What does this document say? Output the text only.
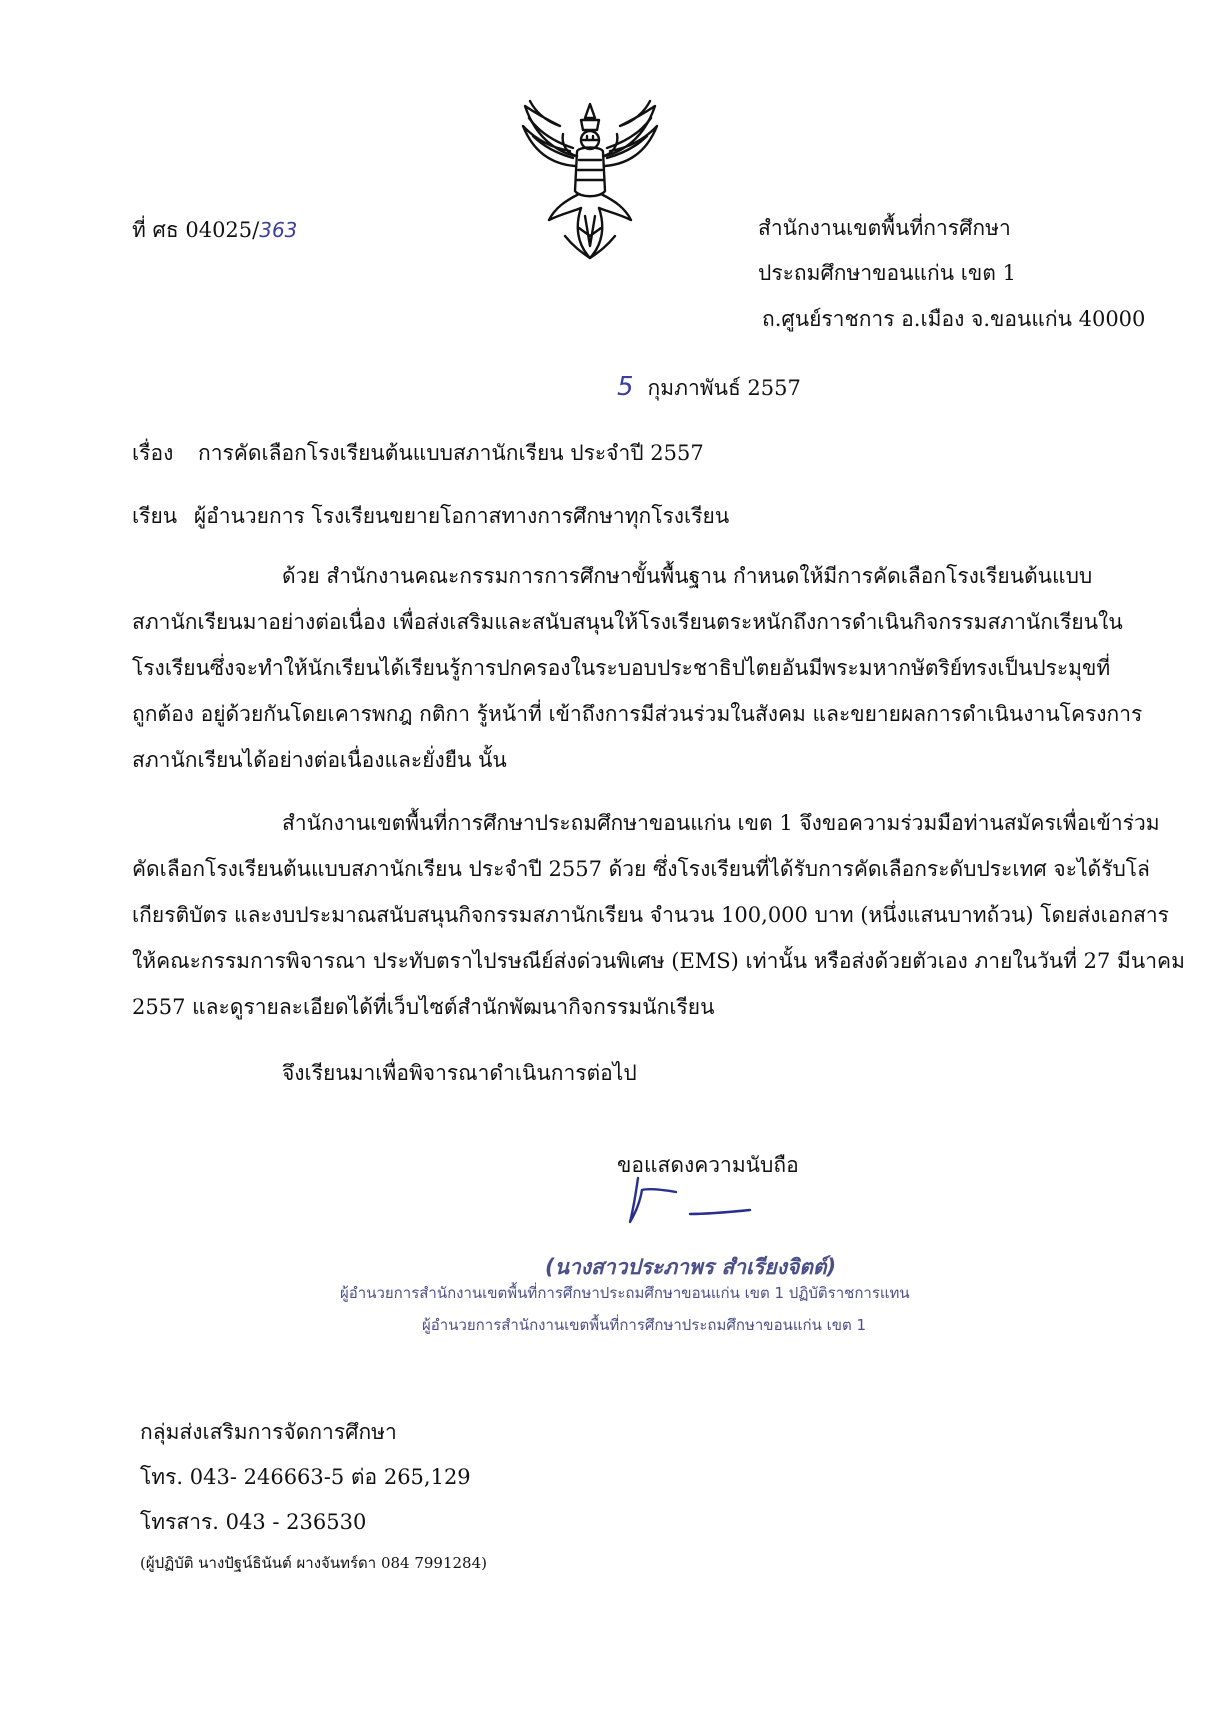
ที่ ศธ 04025/363	สำนักงานเขตพื้นที่การศึกษา
ประถมศึกษาขอนแก่น เขต 1
ถ.ศูนย์ราชการ อ.เมือง จ.ขอนแก่น 40000
5 กุมภาพันธ์ 2557
เรื่อง การคัดเลือกโรงเรียนต้นแบบสภานักเรียน ประจำปี 2557
เรียน ผู้อำนวยการ โรงเรียนขยายโอกาสทางการศึกษาทุกโรงเรียน
ด้วย สำนักงานคณะกรรมการการศึกษาขั้นพื้นฐาน กำหนดให้มีการคัดเลือกโรงเรียนต้นแบบ
สภานักเรียนมาอย่างต่อเนื่อง เพื่อส่งเสริมและสนับสนุนให้โรงเรียนตระหนักถึงการดำเนินกิจกรรมสภานักเรียนใน
โรงเรียนซึ่งจะทำให้นักเรียนได้เรียนรู้การปกครองในระบอบประชาธิปไตยอันมีพระมหากษัตริย์ทรงเป็นประมุขที่
ถูกต้อง อยู่ด้วยกันโดยเคารพกฎ กติกา รู้หน้าที่ เข้าถึงการมีส่วนร่วมในสังคม และขยายผลการดำเนินงานโครงการ
สภานักเรียนได้อย่างต่อเนื่องและยั่งยืน นั้น
สำนักงานเขตพื้นที่การศึกษาประถมศึกษาขอนแก่น เขต 1 จึงขอความร่วมมือท่านสมัครเพื่อเข้าร่วม
คัดเลือกโรงเรียนต้นแบบสภานักเรียน ประจำปี 2557 ด้วย ซึ่งโรงเรียนที่ได้รับการคัดเลือกระดับประเทศ จะได้รับโล่
เกียรติบัตร และงบประมาณสนับสนุนกิจกรรมสภานักเรียน จำนวน 100,000 บาท (หนึ่งแสนบาทถ้วน) โดยส่งเอกสาร
ให้คณะกรรมการพิจารณา ประทับตราไปรษณีย์ส่งด่วนพิเศษ (EMS) เท่านั้น หรือส่งด้วยตัวเอง ภายในวันที่ 27 มีนาคม
2557 และดูรายละเอียดได้ที่เว็บไซต์สำนักพัฒนากิจกรรมนักเรียน
จึงเรียนมาเพื่อพิจารณาดำเนินการต่อไป
ขอแสดงความนับถือ
(นางสาวประภาพร สำเรียงจิตต์)
ผู้อำนวยการสำนักงานเขตพื้นที่การศึกษาประถมศึกษาขอนแก่น เขต 1 ปฏิบัติราชการแทน
ผู้อำนวยการสำนักงานเขตพื้นที่การศึกษาประถมศึกษาขอนแก่น เขต 1
กลุ่มส่งเสริมการจัดการศึกษา
โทร. 043- 246663-5 ต่อ 265,129
โทรสาร. 043 - 236530
(ผู้ปฏิบัติ นางปัฐน์ธินันต์ ผางจันทร์ดา 084 7991284)
